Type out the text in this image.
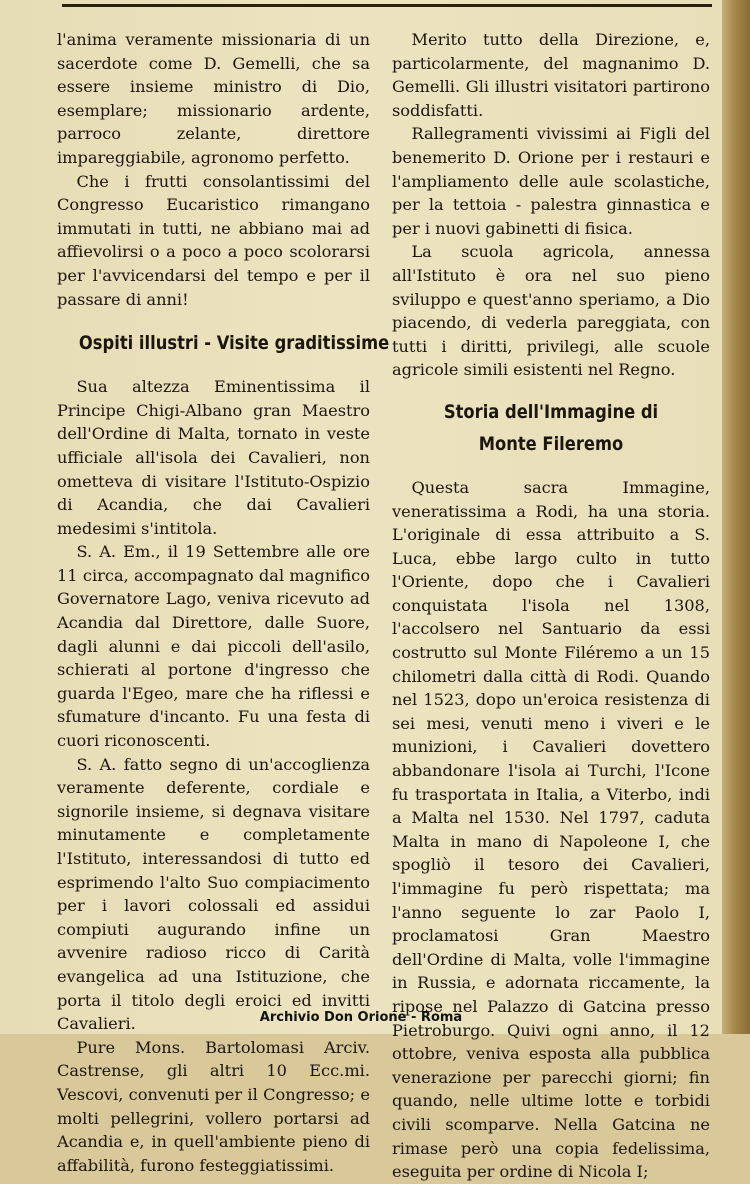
l'anima veramente missionaria di un sacerdote come D. Gemelli, che sa essere insieme ministro di Dio, esemplare; missionario ardente, parroco zelante, direttore impareggiabile, agronomo perfetto.

Che i frutti consolantissimi del Congresso Eucaristico rimangano immutati in tutti, ne abbiano mai ad affievolirsi o a poco a poco scolorarsi per l'avvicendarsi del tempo e per il passare di anni!

Ospiti illustri - Visite graditissime

Sua altezza Eminentissima il Principe Chigi-Albano gran Maestro dell'Ordine di Malta, tornato in veste ufficiale all'isola dei Cavalieri, non ometteva di visitare l'Istituto-Ospizio di Acandia, che dai Cavalieri medesimi s'intitola.

S. A. Em., il 19 Settembre alle ore 11 circa, accompagnato dal magnifico Governatore Lago, veniva ricevuto ad Acandia dal Direttore, dalle Suore, dagli alunni e dai piccoli dell'asilo, schierati al portone d'ingresso che guarda l'Egeo, mare che ha riflessi e sfumature d'incanto. Fu una festa di cuori riconoscenti.

S. A. fatto segno di un'accoglienza veramente deferente, cordiale e signorile insieme, si degnava visitare minutamente e completamente l'Istituto, interessandosi di tutto ed esprimendo l'alto Suo compiacimento per i lavori colossali ed assidui compiuti augurando infine un avvenire radioso ricco di Carità evangelica ad una Istituzione, che porta il titolo degli eroici ed invitti Cavalieri.

Pure Mons. Bartolomasi Arciv. Castrense, gli altri 10 Ecc.mi. Vescovi, convenuti per il Congresso; e molti pellegrini, vollero portarsi ad Acandia e, in quell'ambiente pieno di affabilità, furono festeggiatissimi.

Merito tutto della Direzione, e, particolarmente, del magnanimo D. Gemelli. Gli illustri visitatori partirono soddisfatti.

Rallegramenti vivissimi ai Figli del benemerito D. Orione per i restauri e l'ampliamento delle aule scolastiche, per la tettoia - palestra ginnastica e per i nuovi gabinetti di fisica.

La scuola agricola, annessa all'Istituto è ora nel suo pieno sviluppo e quest'anno speriamo, a Dio piacendo, di vederla pareggiata, con tutti i diritti, privilegi, alle scuole agricole simili esistenti nel Regno.

Storia dell'Immagine di Monte Fileremo

Questa sacra Immagine, veneratissima a Rodi, ha una storia. L'originale di essa attribuito a S. Luca, ebbe largo culto in tutto l'Oriente, dopo che i Cavalieri conquistata l'isola nel 1308, l'accolsero nel Santuario da essi costrutto sul Monte Filéremo a un 15 chilometri dalla città di Rodi. Quando nel 1523, dopo un'eroica resistenza di sei mesi, venuti meno i viveri e le munizioni, i Cavalieri dovettero abbandonare l'isola ai Turchi, l'Icone fu trasportata in Italia, a Viterbo, indi a Malta nel 1530. Nel 1797, caduta Malta in mano di Napoleone I, che spogliò il tesoro dei Cavalieri, l'immagine fu però rispettata; ma l'anno seguente lo zar Paolo I, proclamatosi Gran Maestro dell'Ordine di Malta, volle l'immagine in Russia, e adornata riccamente, la ripose nel Palazzo di Gatcina presso Pietroburgo. Quivi ogni anno, il 12 ottobre, veniva esposta alla pubblica venerazione per parecchi giorni; fin quando, nelle ultime lotte e torbidi civili scomparve. Nella Gatcina ne rimase però una copia fedelissima, eseguita per ordine di Nicola I;

Archivio Don Orione - Roma
